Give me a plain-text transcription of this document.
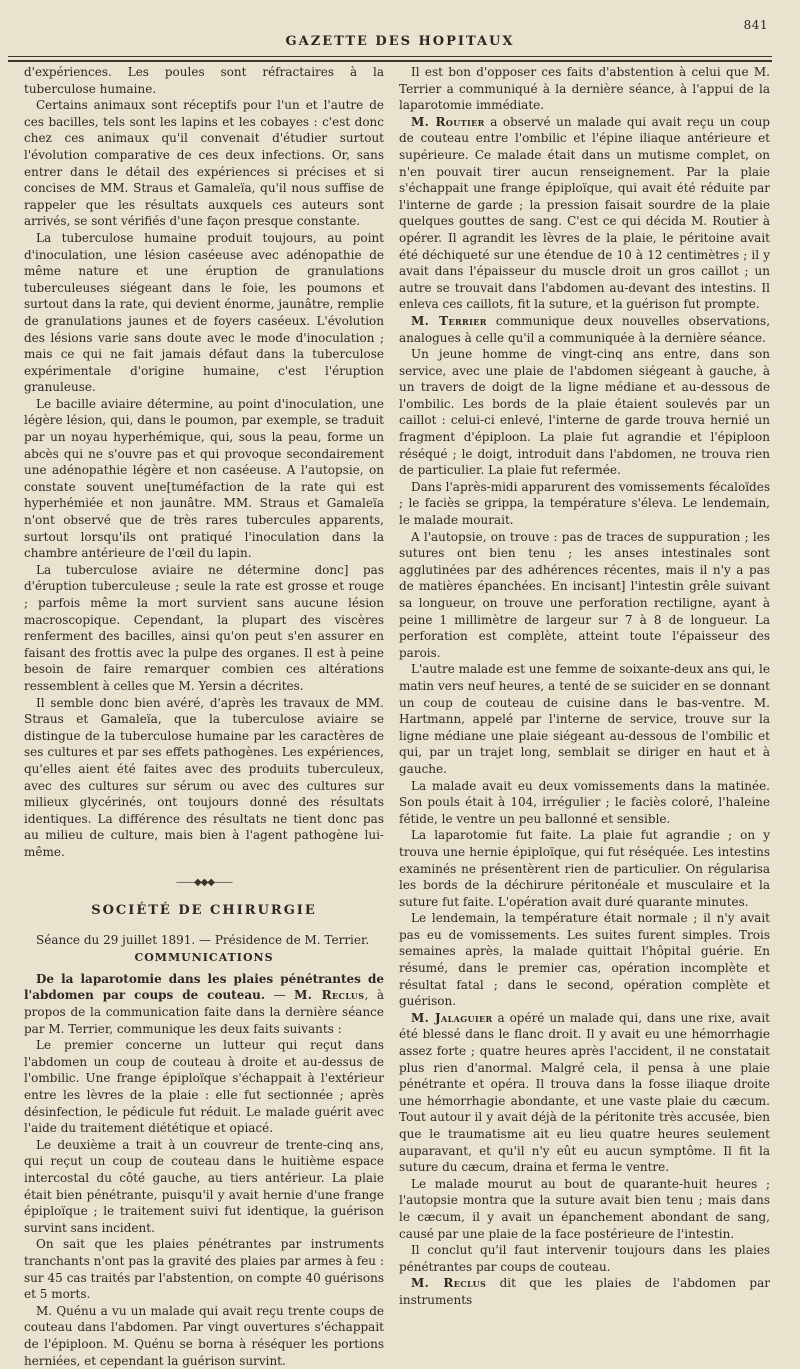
841
GAZETTE DES HOPITAUX

d'expériences. Les poules sont réfractaires à la tuberculose humaine.

Certains animaux sont réceptifs pour l'un et l'autre de ces bacilles, tels sont les lapins et les cobayes : c'est donc chez ces animaux qu'il convenait d'étudier surtout l'évolution comparative de ces deux infections. Or, sans entrer dans le détail des expériences si précises et si concises de MM. Straus et Gamaleïa, qu'il nous suffise de rappeler que les résultats auxquels ces auteurs sont arrivés, se sont vérifiés d'une façon presque constante.

La tuberculose humaine produit toujours, au point d'inoculation, une lésion caséeuse avec adénopathie de même nature et une éruption de granulations tuberculeuses siégeant dans le foie, les poumons et surtout dans la rate, qui devient énorme, jaunâtre, remplie de granulations jaunes et de foyers caséeux. L'évolution des lésions varie sans doute avec le mode d'inoculation ; mais ce qui ne fait jamais défaut dans la tuberculose expérimentale d'origine humaine, c'est l'éruption granuleuse.

Le bacille aviaire détermine, au point d'inoculation, une légère lésion, qui, dans le poumon, par exemple, se traduit par un noyau hyperhémique, qui, sous la peau, forme un abcès qui ne s'ouvre pas et qui provoque secondairement une adénopathie légère et non caséeuse. A l'autopsie, on constate souvent une[tuméfaction de la rate qui est hyperhémiée et non jaunâtre. MM. Straus et Gamaleïa n'ont observé que de très rares tubercules apparents, surtout lorsqu'ils ont pratiqué l'inoculation dans la chambre antérieure de l'œil du lapin.

La tuberculose aviaire ne détermine donc] pas d'éruption tuberculeuse ; seule la rate est grosse et rouge ; parfois même la mort survient sans aucune lésion macroscopique. Cependant, la plupart des viscères renferment des bacilles, ainsi qu'on peut s'en assurer en faisant des frottis avec la pulpe des organes. Il est à peine besoin de faire remarquer combien ces altérations ressemblent à celles que M. Yersin a décrites.

Il semble donc bien avéré, d'après les travaux de MM. Straus et Gamaleïa, que la tuberculose aviaire se distingue de la tuberculose humaine par les caractères de ses cultures et par ses effets pathogènes. Les expériences, qu'elles aient été faites avec des produits tuberculeux, avec des cultures sur sérum ou avec des cultures sur milieux glycérinés, ont toujours donné des résultats identiques. La différence des résultats ne tient donc pas au milieu de culture, mais bien à l'agent pathogène lui-même.

——◆◆◆——
SOCIÉTÉ DE CHIRURGIE

Séance du 29 juillet 1891. — Présidence de M. Terrier.

COMMUNICATIONS

De la laparotomie dans les plaies pénétrantes de l'abdomen par coups de couteau. — M. Reclus, à propos de la communication faite dans la dernière séance par M. Terrier, communique les deux faits suivants :

Le premier concerne un lutteur qui reçut dans l'abdomen un coup de couteau à droite et au-dessus de l'ombilic. Une frange épiploïque s'échappait à l'extérieur entre les lèvres de la plaie : elle fut sectionnée ; après désinfection, le pédicule fut réduit. Le malade guérit avec l'aide du traitement diététique et opiacé.

Le deuxième a trait à un couvreur de trente-cinq ans, qui reçut un coup de couteau dans le huitième espace intercostal du côté gauche, au tiers antérieur. La plaie était bien pénétrante, puisqu'il y avait hernie d'une frange épiploïque ; le traitement suivi fut identique, la guérison survint sans incident.

On sait que les plaies pénétrantes par instruments tranchants n'ont pas la gravité des plaies par armes à feu : sur 45 cas traités par l'abstention, on compte 40 guérisons et 5 morts.

M. Quénu a vu un malade qui avait reçu trente coups de couteau dans l'abdomen. Par vingt ouvertures s'échappait de l'épiploon. M. Quénu se borna à réséquer les portions herniées, et cependant la guérison survint.

Il est bon d'opposer ces faits d'abstention à celui que M. Terrier a communiqué à la dernière séance, à l'appui de la laparotomie immédiate.

M. Routier a observé un malade qui avait reçu un coup de couteau entre l'ombilic et l'épine iliaque antérieure et supérieure. Ce malade était dans un mutisme complet, on n'en pouvait tirer aucun renseignement. Par la plaie s'échappait une frange épiploïque, qui avait été réduite par l'interne de garde ; la pression faisait sourdre de la plaie quelques gouttes de sang. C'est ce qui décida M. Routier à opérer. Il agrandit les lèvres de la plaie, le péritoine avait été déchiqueté sur une étendue de 10 à 12 centimètres ; il y avait dans l'épaisseur du muscle droit un gros caillot ; un autre se trouvait dans l'abdomen au-devant des intestins. Il enleva ces caillots, fit la suture, et la guérison fut prompte.

M. Terrier communique deux nouvelles observations, analogues à celle qu'il a communiquée à la dernière séance.

Un jeune homme de vingt-cinq ans entre, dans son service, avec une plaie de l'abdomen siégeant à gauche, à un travers de doigt de la ligne médiane et au-dessous de l'ombilic. Les bords de la plaie étaient soulevés par un caillot : celui-ci enlevé, l'interne de garde trouva hernié un fragment d'épiploon. La plaie fut agrandie et l'épiploon réséqué ; le doigt, introduit dans l'abdomen, ne trouva rien de particulier. La plaie fut refermée.

Dans l'après-midi apparurent des vomissements fécaloïdes ; le faciès se grippa, la température s'éleva. Le lendemain, le malade mourait.

A l'autopsie, on trouve : pas de traces de suppuration ; les sutures ont bien tenu ; les anses intestinales sont agglutinées par des adhérences récentes, mais il n'y a pas de matières épanchées. En incisant] l'intestin grêle suivant sa longueur, on trouve une perforation rectiligne, ayant à peine 1 millimètre de largeur sur 7 à 8 de longueur. La perforation est complète, atteint toute l'épaisseur des parois.

L'autre malade est une femme de soixante-deux ans qui, le matin vers neuf heures, a tenté de se suicider en se donnant un coup de couteau de cuisine dans le bas-ventre. M. Hartmann, appelé par l'interne de service, trouve sur la ligne médiane une plaie siégeant au-dessous de l'ombilic et qui, par un trajet long, semblait se diriger en haut et à gauche.

La malade avait eu deux vomissements dans la matinée. Son pouls était à 104, irrégulier ; le faciès coloré, l'haleine fétide, le ventre un peu ballonné et sensible.

La laparotomie fut faite. La plaie fut agrandie ; on y trouva une hernie épiploïque, qui fut réséquée. Les intestins examinés ne présentèrent rien de particulier. On régularisa les bords de la déchirure péritonéale et musculaire et la suture fut faite. L'opération avait duré quarante minutes.

Le lendemain, la température était normale ; il n'y avait pas eu de vomissements. Les suites furent simples. Trois semaines après, la malade quittait l'hôpital guérie. En résumé, dans le premier cas, opération incomplète et résultat fatal ; dans le second, opération complète et guérison.

M. Jalaguier a opéré un malade qui, dans une rixe, avait été blessé dans le flanc droit. Il y avait eu une hémorrhagie assez forte ; quatre heures après l'accident, il ne constatait plus rien d'anormal. Malgré cela, il pensa à une plaie pénétrante et opéra. Il trouva dans la fosse iliaque droite une hémorrhagie abondante, et une vaste plaie du cæcum. Tout autour il y avait déjà de la péritonite très accusée, bien que le traumatisme ait eu lieu quatre heures seulement auparavant, et qu'il n'y eût eu aucun symptôme. Il fit la suture du cæcum, draina et ferma le ventre.

Le malade mourut au bout de quarante-huit heures ; l'autopsie montra que la suture avait bien tenu ; mais dans le cæcum, il y avait un épanchement abondant de sang, causé par une plaie de la face postérieure de l'intestin.

Il conclut qu'il faut intervenir toujours dans les plaies pénétrantes par coups de couteau.

M. Reclus dit que les plaies de l'abdomen par instruments
